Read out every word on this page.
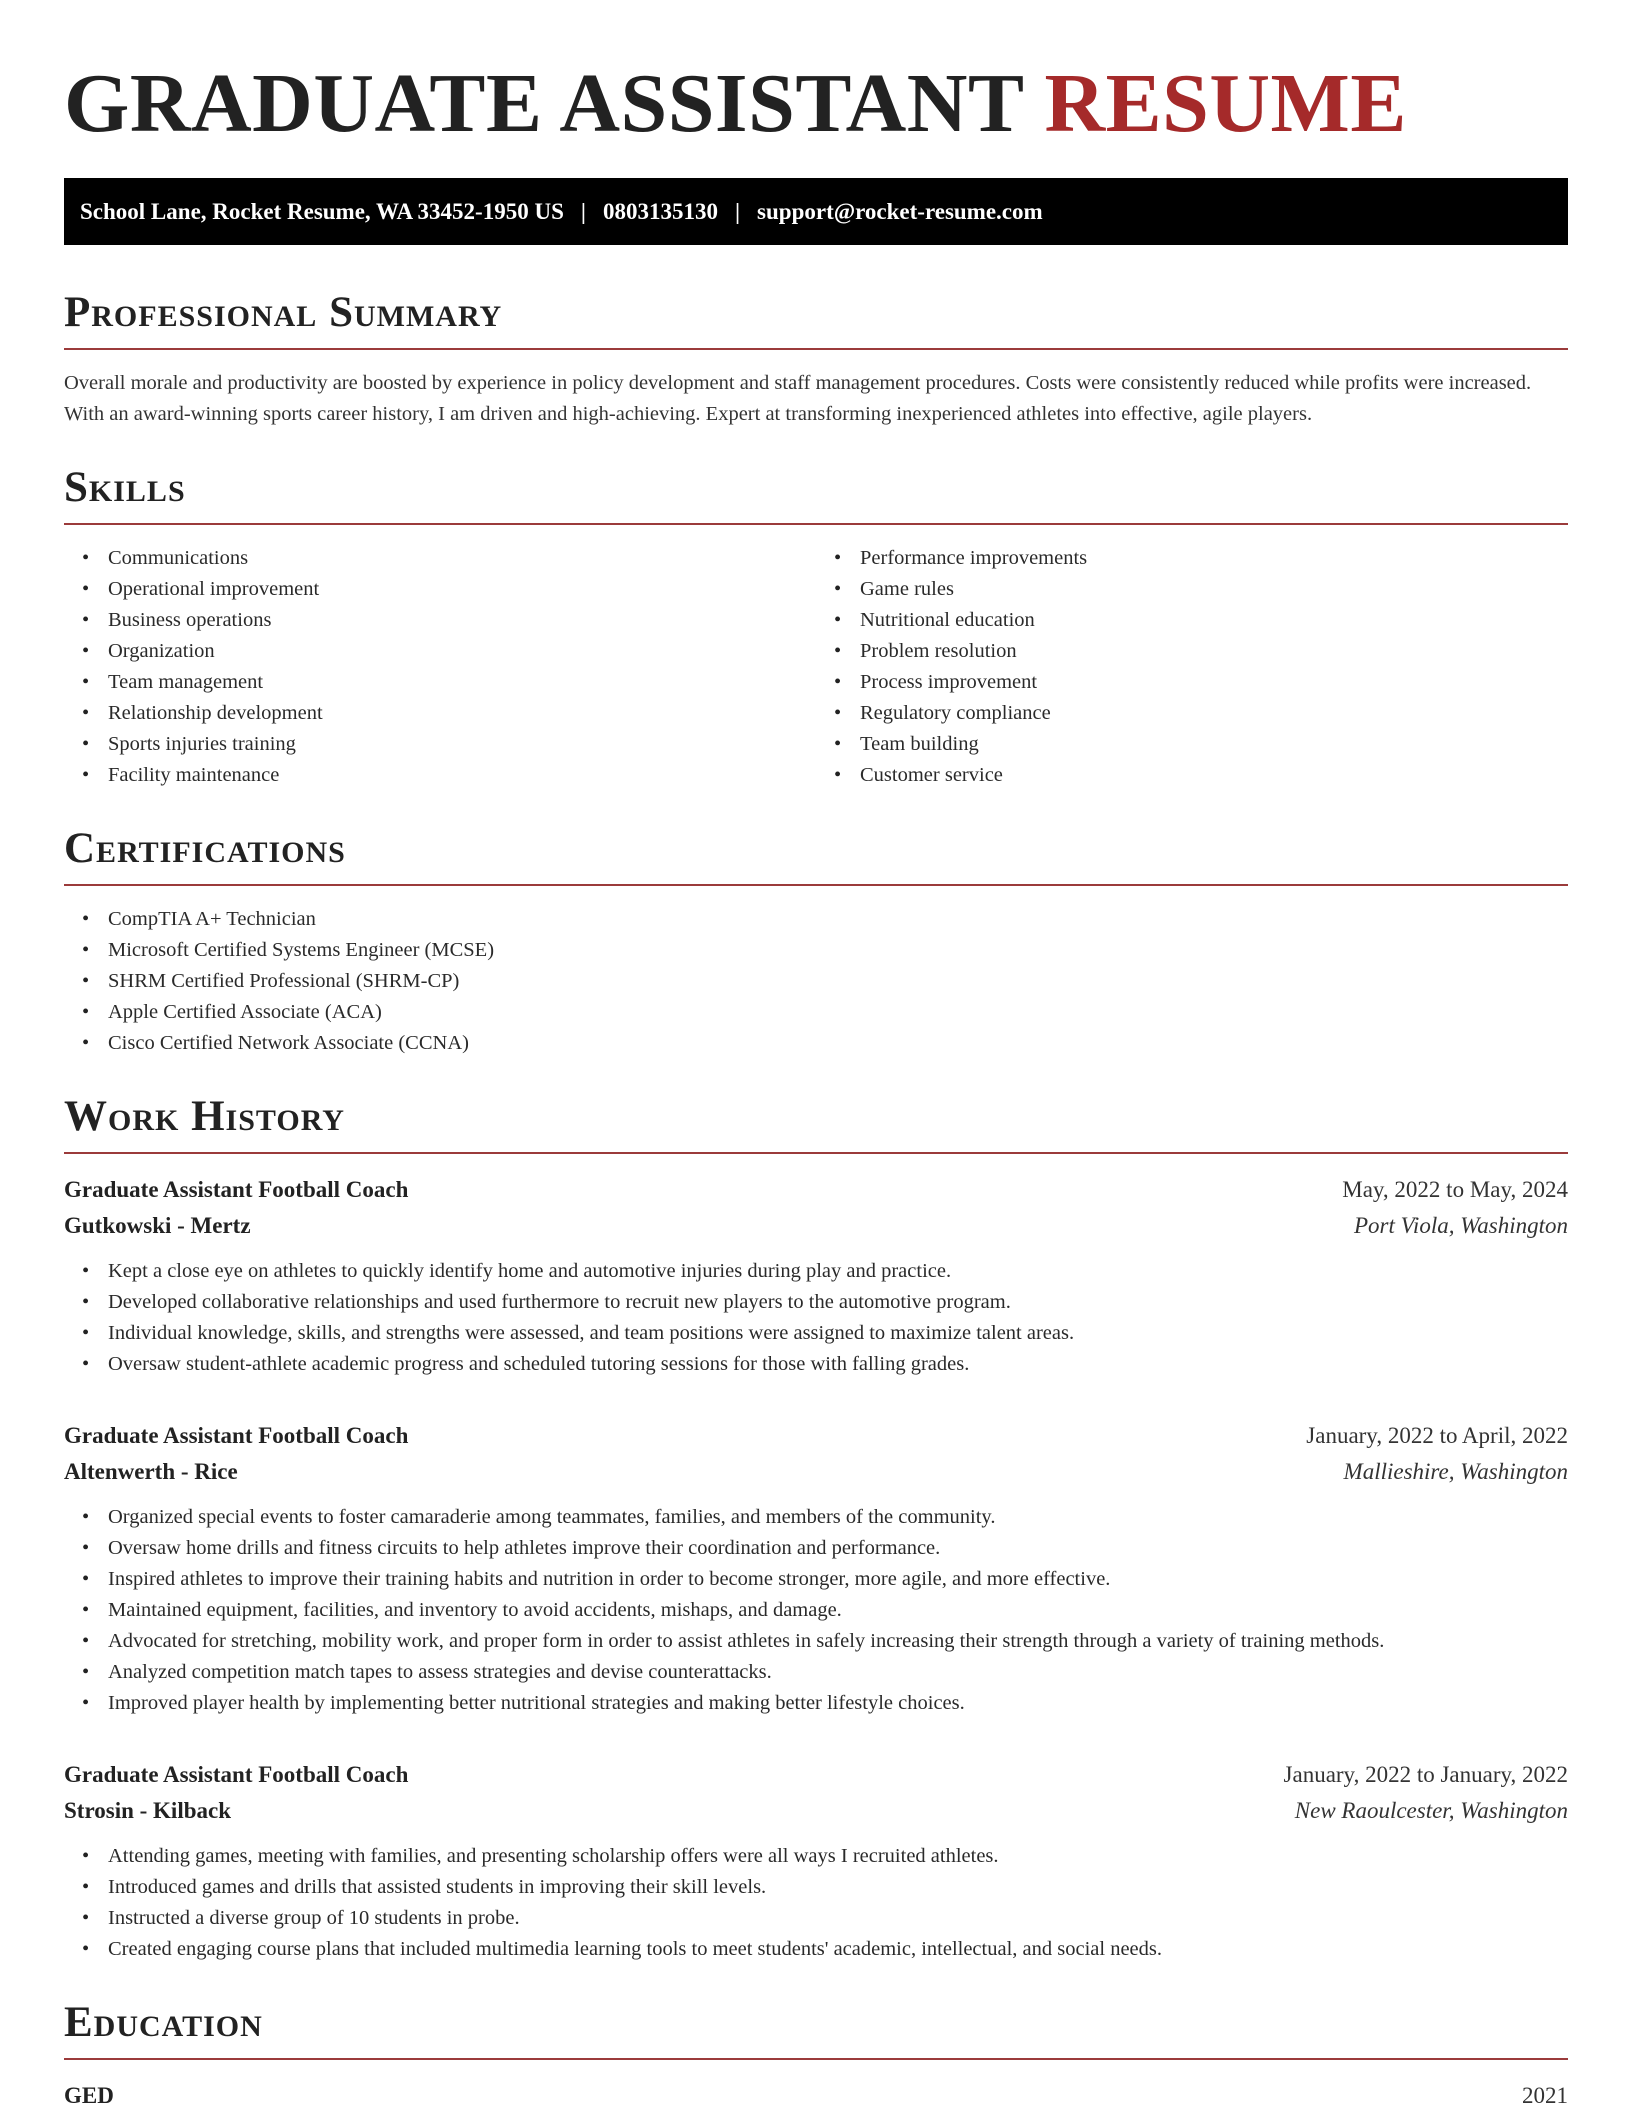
GRADUATE ASSISTANT RESUME
School Lane, Rocket Resume, WA 33452-1950 US | 0803135130 | support@rocket-resume.com
Professional Summary

Overall morale and productivity are boosted by experience in policy development and staff management procedures. Costs were consistently reduced while profits were increased. With an award-winning sports career history, I am driven and high-achieving. Expert at transforming inexperienced athletes into effective, agile players.

Skills
• Communications
• Operational improvement
• Business operations
• Organization
• Team management
• Relationship development
• Sports injuries training
• Facility maintenance
• Performance improvements
• Game rules
• Nutritional education
• Problem resolution
• Process improvement
• Regulatory compliance
• Team building
• Customer service
Certifications
• CompTIA A+ Technician
• Microsoft Certified Systems Engineer (MCSE)
• SHRM Certified Professional (SHRM-CP)
• Apple Certified Associate (ACA)
• Cisco Certified Network Associate (CCNA)
Work History
Graduate Assistant Football Coach	May, 2022 to May, 2024
Gutkowski - Mertz	Port Viola, Washington
• Kept a close eye on athletes to quickly identify home and automotive injuries during play and practice.
• Developed collaborative relationships and used furthermore to recruit new players to the automotive program.
• Individual knowledge, skills, and strengths were assessed, and team positions were assigned to maximize talent areas.
• Oversaw student-athlete academic progress and scheduled tutoring sessions for those with falling grades.
Graduate Assistant Football Coach	January, 2022 to April, 2022
Altenwerth - Rice	Mallieshire, Washington
• Organized special events to foster camaraderie among teammates, families, and members of the community.
• Oversaw home drills and fitness circuits to help athletes improve their coordination and performance.
• Inspired athletes to improve their training habits and nutrition in order to become stronger, more agile, and more effective.
• Maintained equipment, facilities, and inventory to avoid accidents, mishaps, and damage.
• Advocated for stretching, mobility work, and proper form in order to assist athletes in safely increasing their strength through a variety of training methods.
• Analyzed competition match tapes to assess strategies and devise counterattacks.
• Improved player health by implementing better nutritional strategies and making better lifestyle choices.
Graduate Assistant Football Coach	January, 2022 to January, 2022
Strosin - Kilback	New Raoulcester, Washington
• Attending games, meeting with families, and presenting scholarship offers were all ways I recruited athletes.
• Introduced games and drills that assisted students in improving their skill levels.
• Instructed a diverse group of 10 students in probe.
• Created engaging course plans that included multimedia learning tools to meet students' academic, intellectual, and social needs.
Education
GED	2021
